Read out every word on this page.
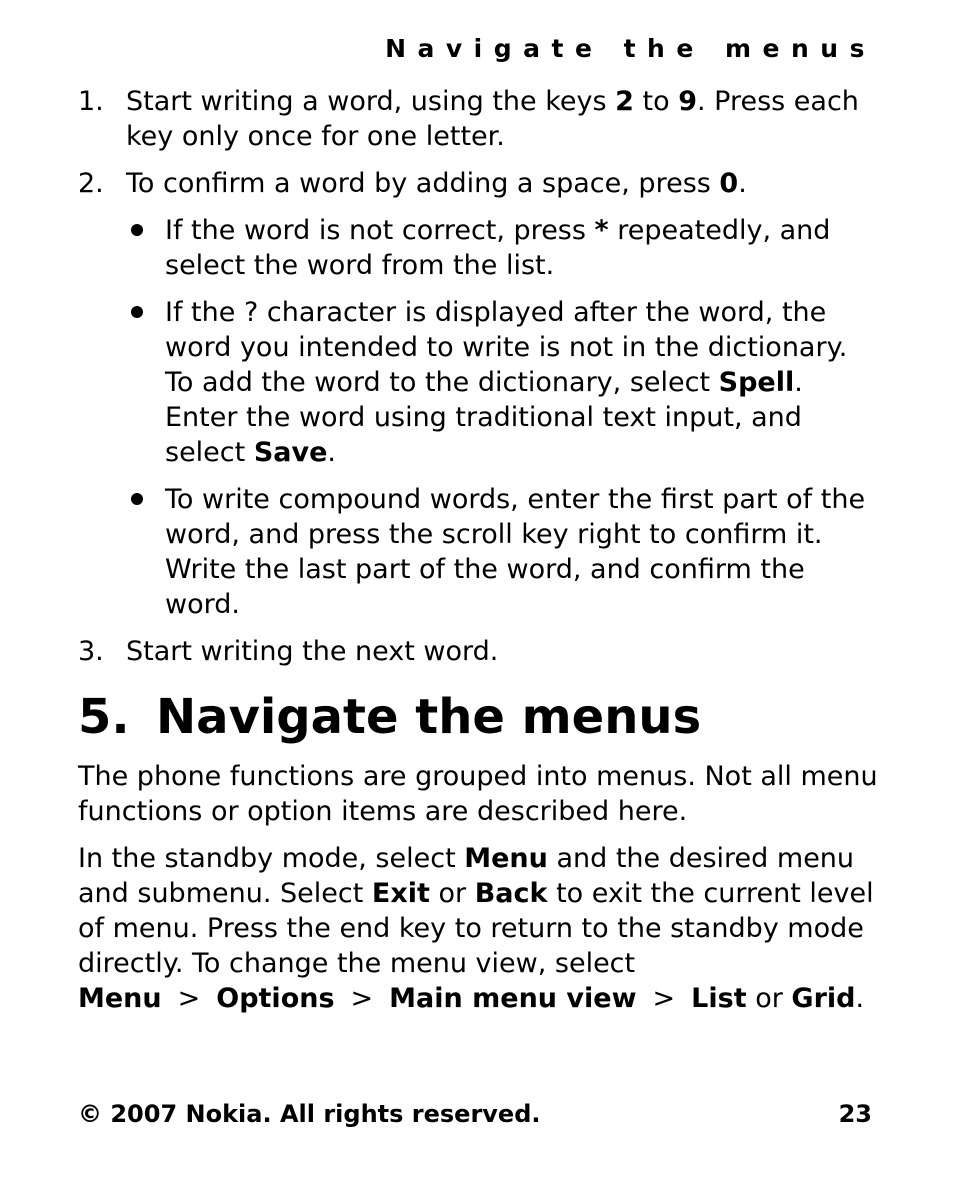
Navigate the menus
1. Start writing a word, using the keys 2 to 9. Press each key only once for one letter.
2. To confirm a word by adding a space, press 0.
If the word is not correct, press * repeatedly, and select the word from the list.
If the ? character is displayed after the word, the word you intended to write is not in the dictionary. To add the word to the dictionary, select Spell. Enter the word using traditional text input, and select Save.
To write compound words, enter the first part of the word, and press the scroll key right to confirm it. Write the last part of the word, and confirm the word.
3. Start writing the next word.
5. Navigate the menus
The phone functions are grouped into menus. Not all menu functions or option items are described here.
In the standby mode, select Menu and the desired menu and submenu. Select Exit or Back to exit the current level of menu. Press the end key to return to the standby mode directly. To change the menu view, select Menu > Options > Main menu view > List or Grid.
© 2007 Nokia. All rights reserved.	23
